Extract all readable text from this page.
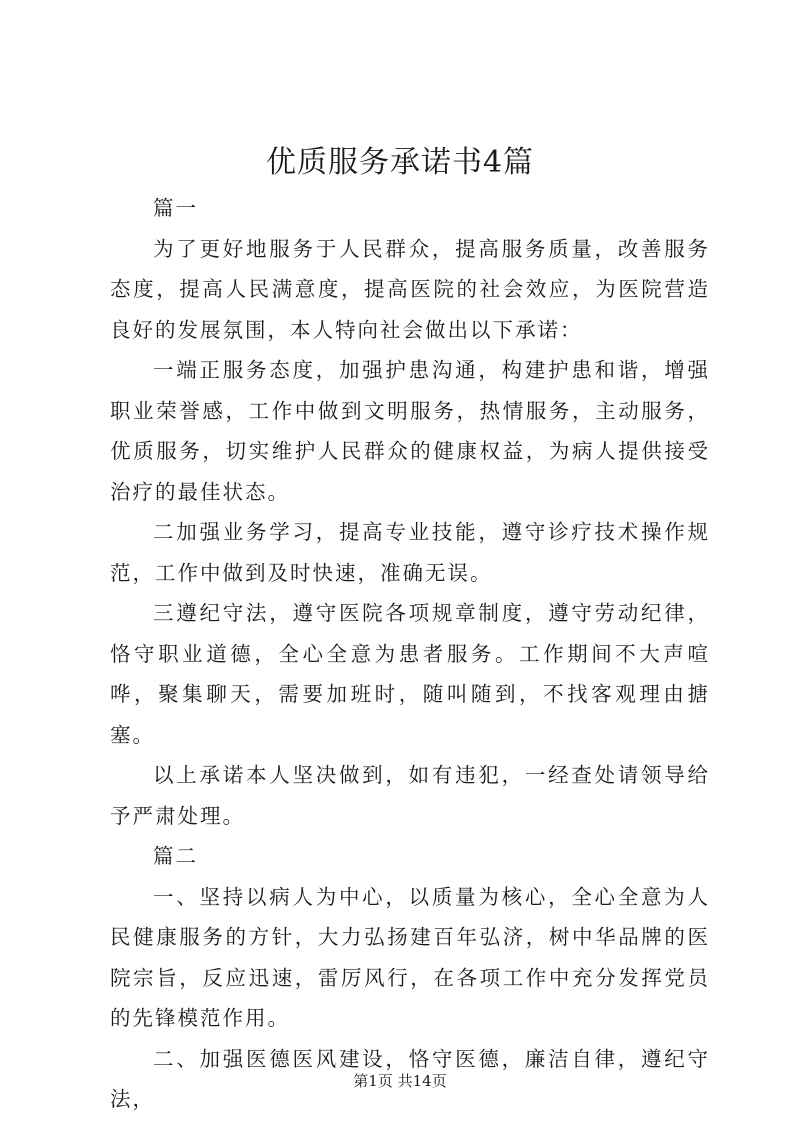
优质服务承诺书4篇

篇一

为了更好地服务于人民群众，提高服务质量，改善服务态度，提高人民满意度，提高医院的社会效应，为医院营造良好的发展氛围，本人特向社会做出以下承诺：

一端正服务态度，加强护患沟通，构建护患和谐，增强职业荣誉感，工作中做到文明服务，热情服务，主动服务，优质服务，切实维护人民群众的健康权益，为病人提供接受治疗的最佳状态。

二加强业务学习，提高专业技能，遵守诊疗技术操作规范，工作中做到及时快速，准确无误。

三遵纪守法，遵守医院各项规章制度，遵守劳动纪律，恪守职业道德，全心全意为患者服务。工作期间不大声喧哗，聚集聊天，需要加班时，随叫随到，不找客观理由搪塞。

以上承诺本人坚决做到，如有违犯，一经查处请领导给予严肃处理。

篇二

一、坚持以病人为中心，以质量为核心，全心全意为人民健康服务的方针，大力弘扬建百年弘济，树中华品牌的医院宗旨，反应迅速，雷厉风行，在各项工作中充分发挥党员的先锋模范作用。

二、加强医德医风建设，恪守医德，廉洁自律，遵纪守法，

第1页 共14页
